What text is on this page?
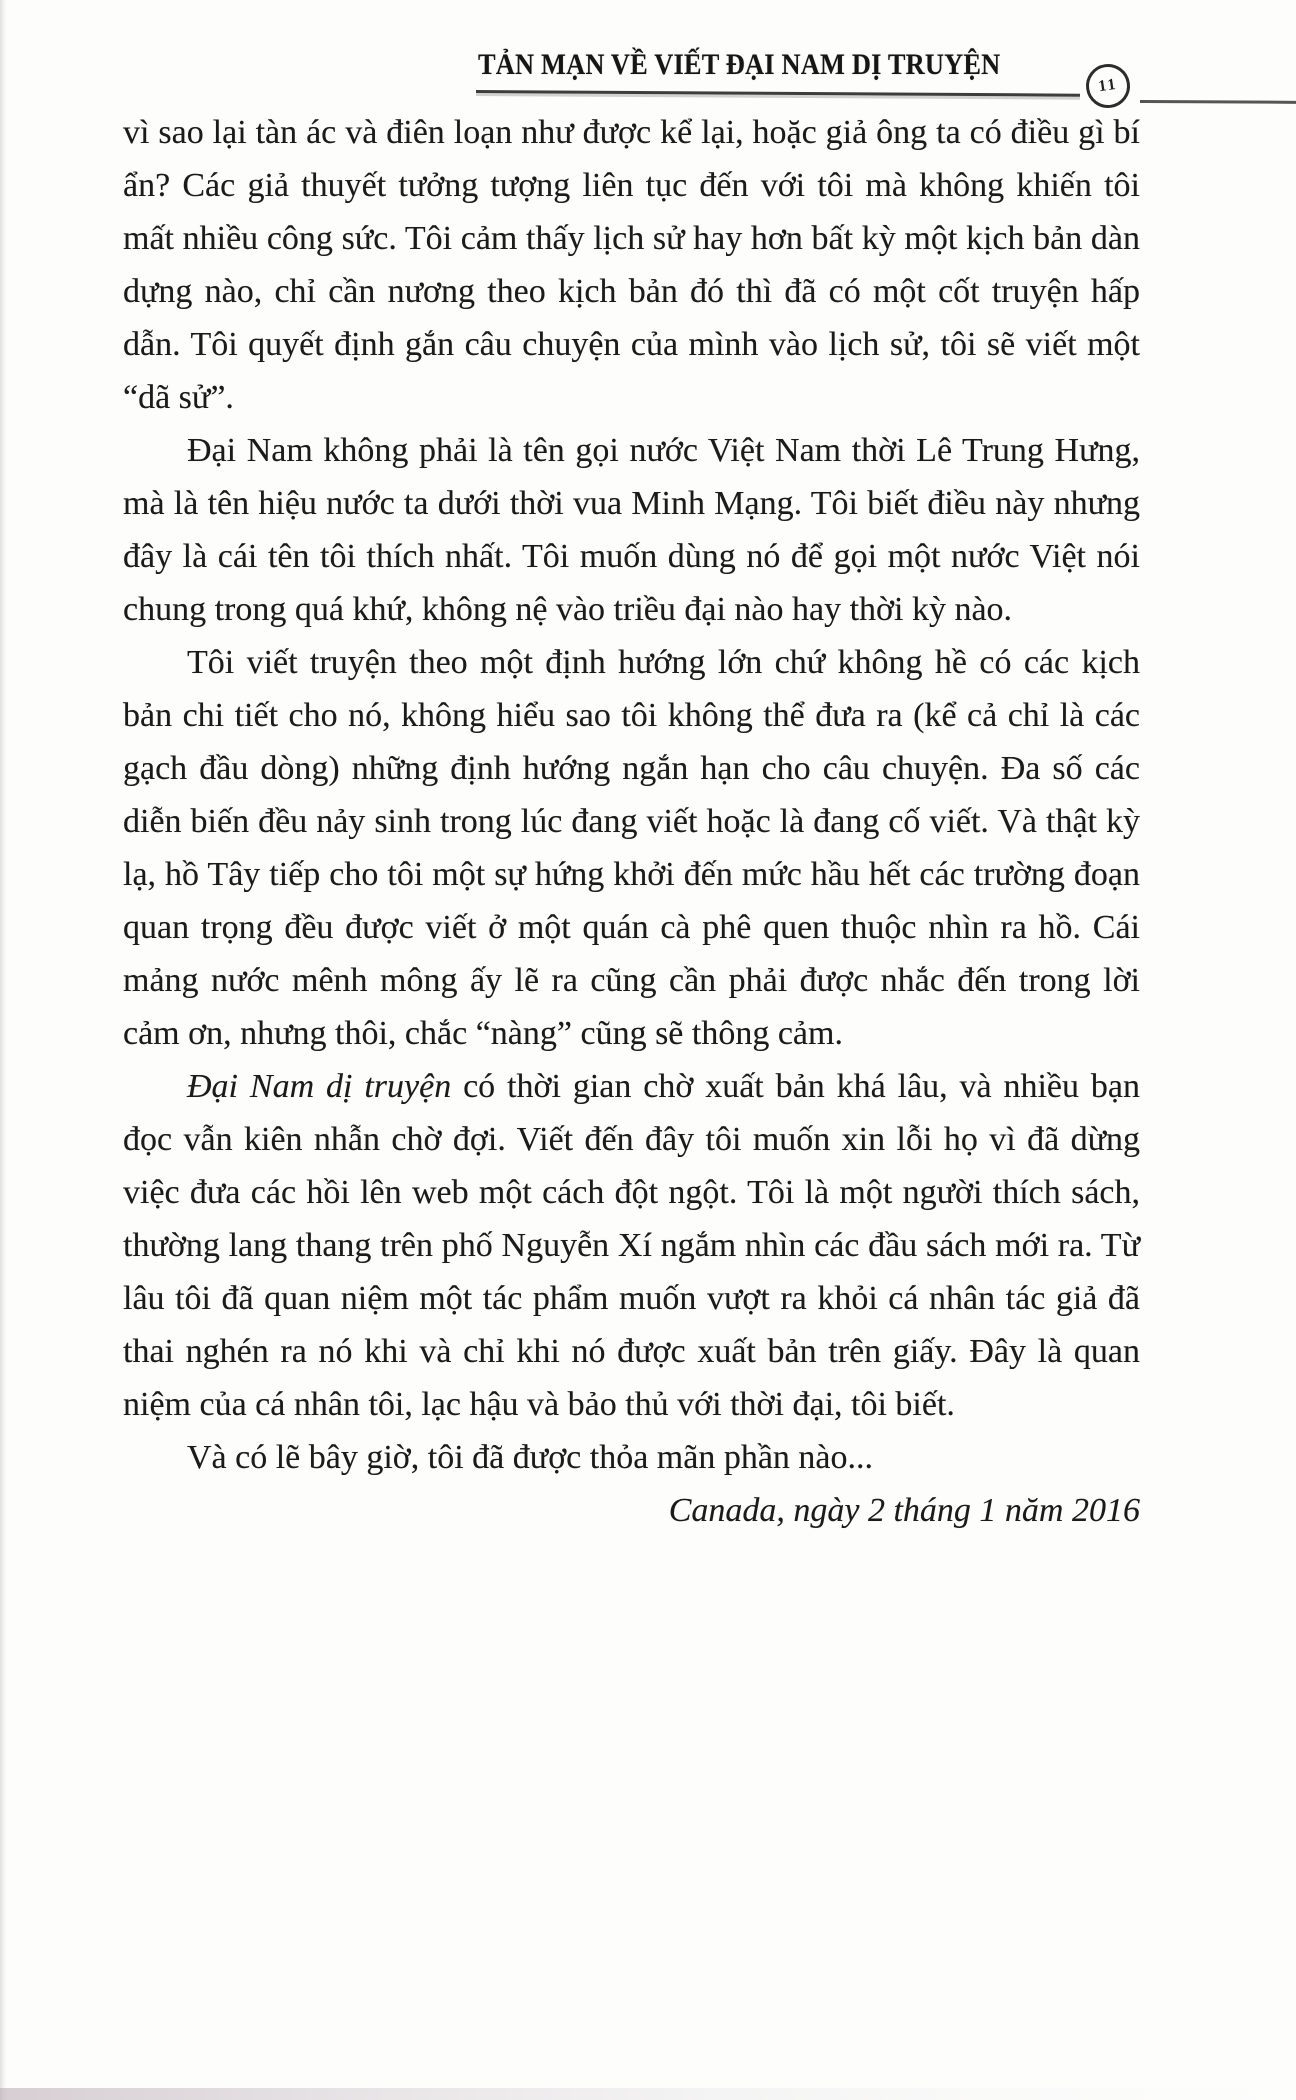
TẢN MẠN VỀ VIẾT ĐẠI NAM DỊ TRUYỆN
11

vì sao lại tàn ác và điên loạn như được kể lại, hoặc giả ông ta có điều gì bí ẩn? Các giả thuyết tưởng tượng liên tục đến với tôi mà không khiến tôi mất nhiều công sức. Tôi cảm thấy lịch sử hay hơn bất kỳ một kịch bản dàn dựng nào, chỉ cần nương theo kịch bản đó thì đã có một cốt truyện hấp dẫn. Tôi quyết định gắn câu chuyện của mình vào lịch sử, tôi sẽ viết một “dã sử”.

Đại Nam không phải là tên gọi nước Việt Nam thời Lê Trung Hưng, mà là tên hiệu nước ta dưới thời vua Minh Mạng. Tôi biết điều này nhưng đây là cái tên tôi thích nhất. Tôi muốn dùng nó để gọi một nước Việt nói chung trong quá khứ, không nệ vào triều đại nào hay thời kỳ nào.

Tôi viết truyện theo một định hướng lớn chứ không hề có các kịch bản chi tiết cho nó, không hiểu sao tôi không thể đưa ra (kể cả chỉ là các gạch đầu dòng) những định hướng ngắn hạn cho câu chuyện. Đa số các diễn biến đều nảy sinh trong lúc đang viết hoặc là đang cố viết. Và thật kỳ lạ, hồ Tây tiếp cho tôi một sự hứng khởi đến mức hầu hết các trường đoạn quan trọng đều được viết ở một quán cà phê quen thuộc nhìn ra hồ. Cái mảng nước mênh mông ấy lẽ ra cũng cần phải được nhắc đến trong lời cảm ơn, nhưng thôi, chắc “nàng” cũng sẽ thông cảm.

Đại Nam dị truyện có thời gian chờ xuất bản khá lâu, và nhiều bạn đọc vẫn kiên nhẫn chờ đợi. Viết đến đây tôi muốn xin lỗi họ vì đã dừng việc đưa các hồi lên web một cách đột ngột. Tôi là một người thích sách, thường lang thang trên phố Nguyễn Xí ngắm nhìn các đầu sách mới ra. Từ lâu tôi đã quan niệm một tác phẩm muốn vượt ra khỏi cá nhân tác giả đã thai nghén ra nó khi và chỉ khi nó được xuất bản trên giấy. Đây là quan niệm của cá nhân tôi, lạc hậu và bảo thủ với thời đại, tôi biết.

Và có lẽ bây giờ, tôi đã được thỏa mãn phần nào...

Canada, ngày 2 tháng 1 năm 2016
